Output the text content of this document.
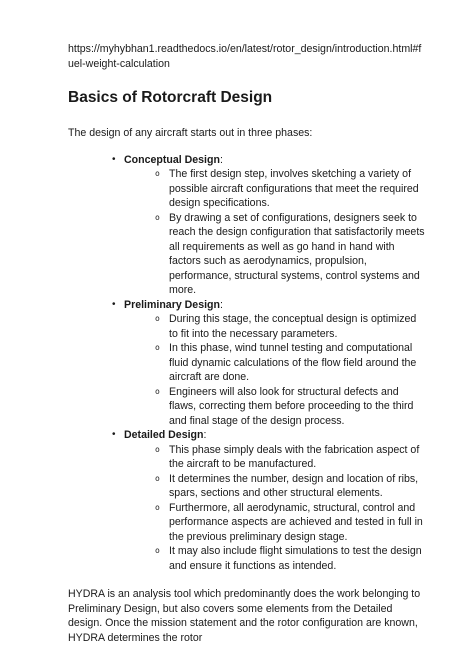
https://myhybhan1.readthedocs.io/en/latest/rotor_design/introduction.html#fuel-weight-calculation

Basics of Rotorcraft Design

The design of any aircraft starts out in three phases:

• Conceptual Design:
o The first design step, involves sketching a variety of possible aircraft configurations that meet the required design specifications.
o By drawing a set of configurations, designers seek to reach the design configuration that satisfactorily meets all requirements as well as go hand in hand with factors such as aerodynamics, propulsion, performance, structural systems, control systems and more.
• Preliminary Design:
o During this stage, the conceptual design is optimized to fit into the necessary parameters.
o In this phase, wind tunnel testing and computational fluid dynamic calculations of the flow field around the aircraft are done.
o Engineers will also look for structural defects and flaws, correcting them before proceeding to the third and final stage of the design process.
• Detailed Design:
o This phase simply deals with the fabrication aspect of the aircraft to be manufactured.
o It determines the number, design and location of ribs, spars, sections and other structural elements.
o Furthermore, all aerodynamic, structural, control and performance aspects are achieved and tested in full in the previous preliminary design stage.
o It may also include flight simulations to test the design and ensure it functions as intended.

HYDRA is an analysis tool which predominantly does the work belonging to Preliminary Design, but also covers some elements from the Detailed design. Once the mission statement and the rotor configuration are known, HYDRA determines the rotor
